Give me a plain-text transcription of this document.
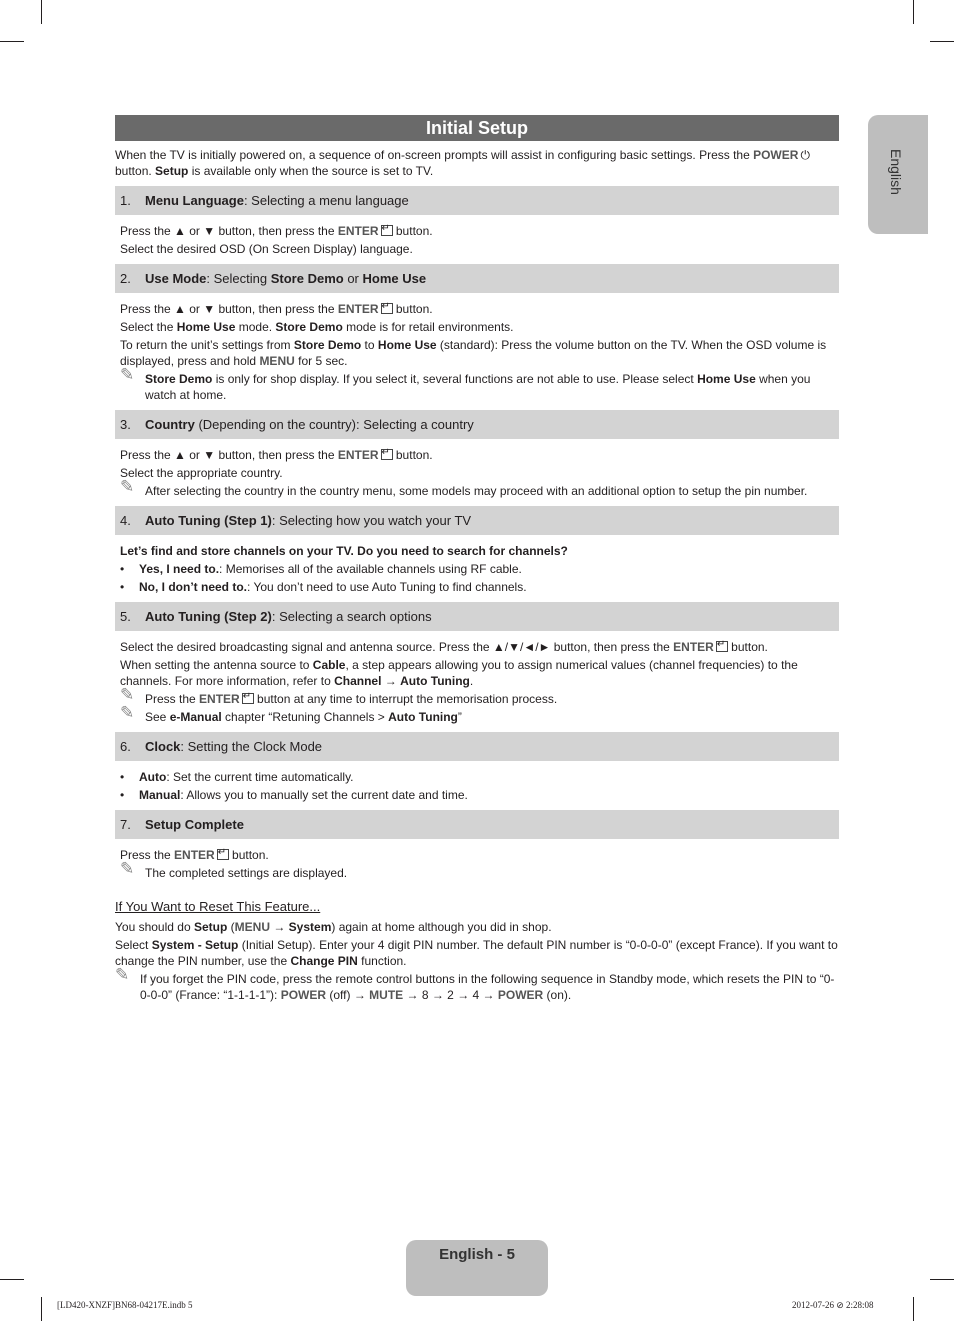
Initial Setup
English
When the TV is initially powered on, a sequence of on-screen prompts will assist in configuring basic settings. Press the POWER ⏻ button. Setup is available only when the source is set to TV.
1. Menu Language: Selecting a menu language
Press the ▲ or ▼ button, then press the ENTER↵ button.
Select the desired OSD (On Screen Display) language.
2. Use Mode: Selecting Store Demo or Home Use
Press the ▲ or ▼ button, then press the ENTER↵ button.
Select the Home Use mode. Store Demo mode is for retail environments.
To return the unit’s settings from Store Demo to Home Use (standard): Press the volume button on the TV. When the OSD volume is displayed, press and hold MENU for 5 sec.
✎ Store Demo is only for shop display. If you select it, several functions are not able to use. Please select Home Use when you watch at home.
3. Country (Depending on the country): Selecting a country
Press the ▲ or ▼ button, then press the ENTER↵ button.
Select the appropriate country.
✎ After selecting the country in the country menu, some models may proceed with an additional option to setup the pin number.
4. Auto Tuning (Step 1): Selecting how you watch your TV
Let’s find and store channels on your TV. Do you need to search for channels?
• Yes, I need to.: Memorises all of the available channels using RF cable.
• No, I don’t need to.: You don’t need to use Auto Tuning to find channels.
5. Auto Tuning (Step 2): Selecting a search options
Select the desired broadcasting signal and antenna source. Press the ▲/▼/◄/► button, then press the ENTER↵ button.
When setting the antenna source to Cable, a step appears allowing you to assign numerical values (channel frequencies) to the channels. For more information, refer to Channel → Auto Tuning.
✎ Press the ENTER↵ button at any time to interrupt the memorisation process.
✎ See e-Manual chapter “Retuning Channels > Auto Tuning”
6. Clock: Setting the Clock Mode
• Auto: Set the current time automatically.
• Manual: Allows you to manually set the current date and time.
7. Setup Complete
Press the ENTER↵ button.
✎ The completed settings are displayed.
If You Want to Reset This Feature...
You should do Setup (MENU → System) again at home although you did in shop.
Select System - Setup (Initial Setup). Enter your 4 digit PIN number. The default PIN number is “0-0-0-0” (except France). If you want to change the PIN number, use the Change PIN function.
✎ If you forget the PIN code, press the remote control buttons in the following sequence in Standby mode, which resets the PIN to “0-0-0-0” (France: “1-1-1-1”): POWER (off) → MUTE → 8 → 2 → 4 → POWER (on).
English - 5
[LD420-XNZF]BN68-04217E.indb 5	2012-07-26 ⊘ 2:28:08
